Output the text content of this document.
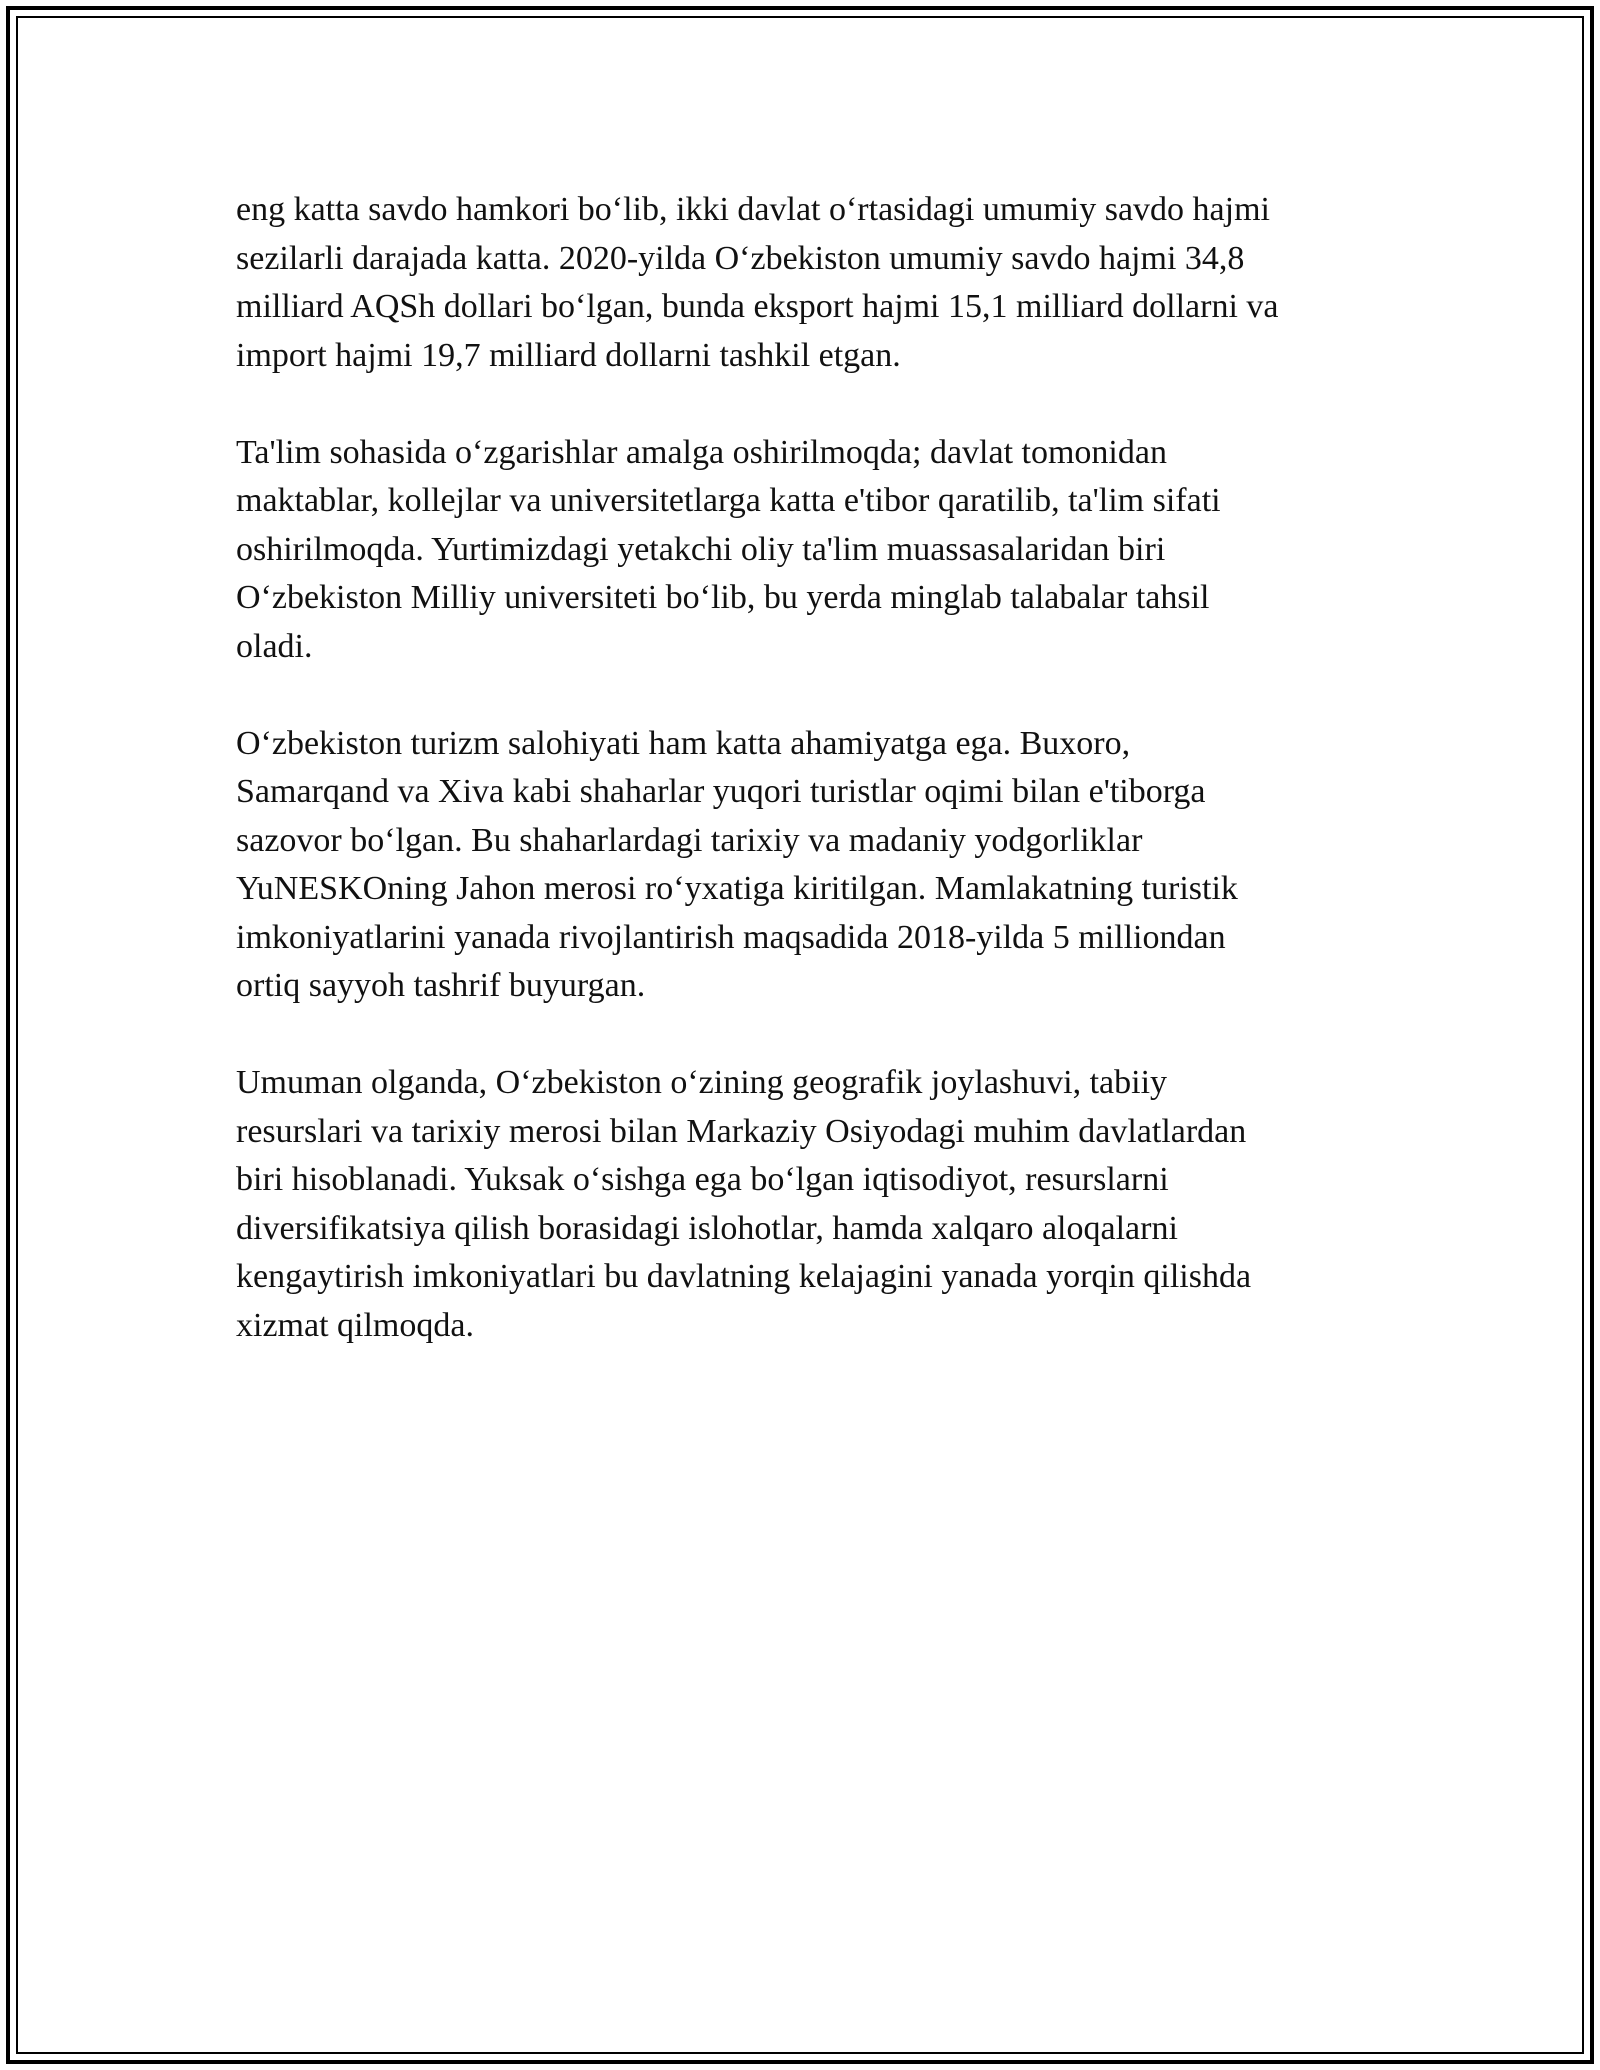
eng katta savdo hamkori bo‘lib, ikki davlat o‘rtasidagi umumiy savdo hajmi
sezilarli darajada katta. 2020-yilda O‘zbekiston umumiy savdo hajmi 34,8
milliard AQSh dollari bo‘lgan, bunda eksport hajmi 15,1 milliard dollarni va
import hajmi 19,7 milliard dollarni tashkil etgan.

Ta'lim sohasida o‘zgarishlar amalga oshirilmoqda; davlat tomonidan
maktablar, kollejlar va universitetlarga katta e'tibor qaratilib, ta'lim sifati
oshirilmoqda. Yurtimizdagi yetakchi oliy ta'lim muassasalaridan biri
O‘zbekiston Milliy universiteti bo‘lib, bu yerda minglab talabalar tahsil
oladi.

O‘zbekiston turizm salohiyati ham katta ahamiyatga ega. Buxoro,
Samarqand va Xiva kabi shaharlar yuqori turistlar oqimi bilan e'tiborga
sazovor bo‘lgan. Bu shaharlardagi tarixiy va madaniy yodgorliklar
YuNESKOning Jahon merosi ro‘yxatiga kiritilgan. Mamlakatning turistik
imkoniyatlarini yanada rivojlantirish maqsadida 2018-yilda 5 milliondan
ortiq sayyoh tashrif buyurgan.

Umuman olganda, O‘zbekiston o‘zining geografik joylashuvi, tabiiy
resurslari va tarixiy merosi bilan Markaziy Osiyodagi muhim davlatlardan
biri hisoblanadi. Yuksak o‘sishga ega bo‘lgan iqtisodiyot, resurslarni
diversifikatsiya qilish borasidagi islohotlar, hamda xalqaro aloqalarni
kengaytirish imkoniyatlari bu davlatning kelajagini yanada yorqin qilishda
xizmat qilmoqda.
